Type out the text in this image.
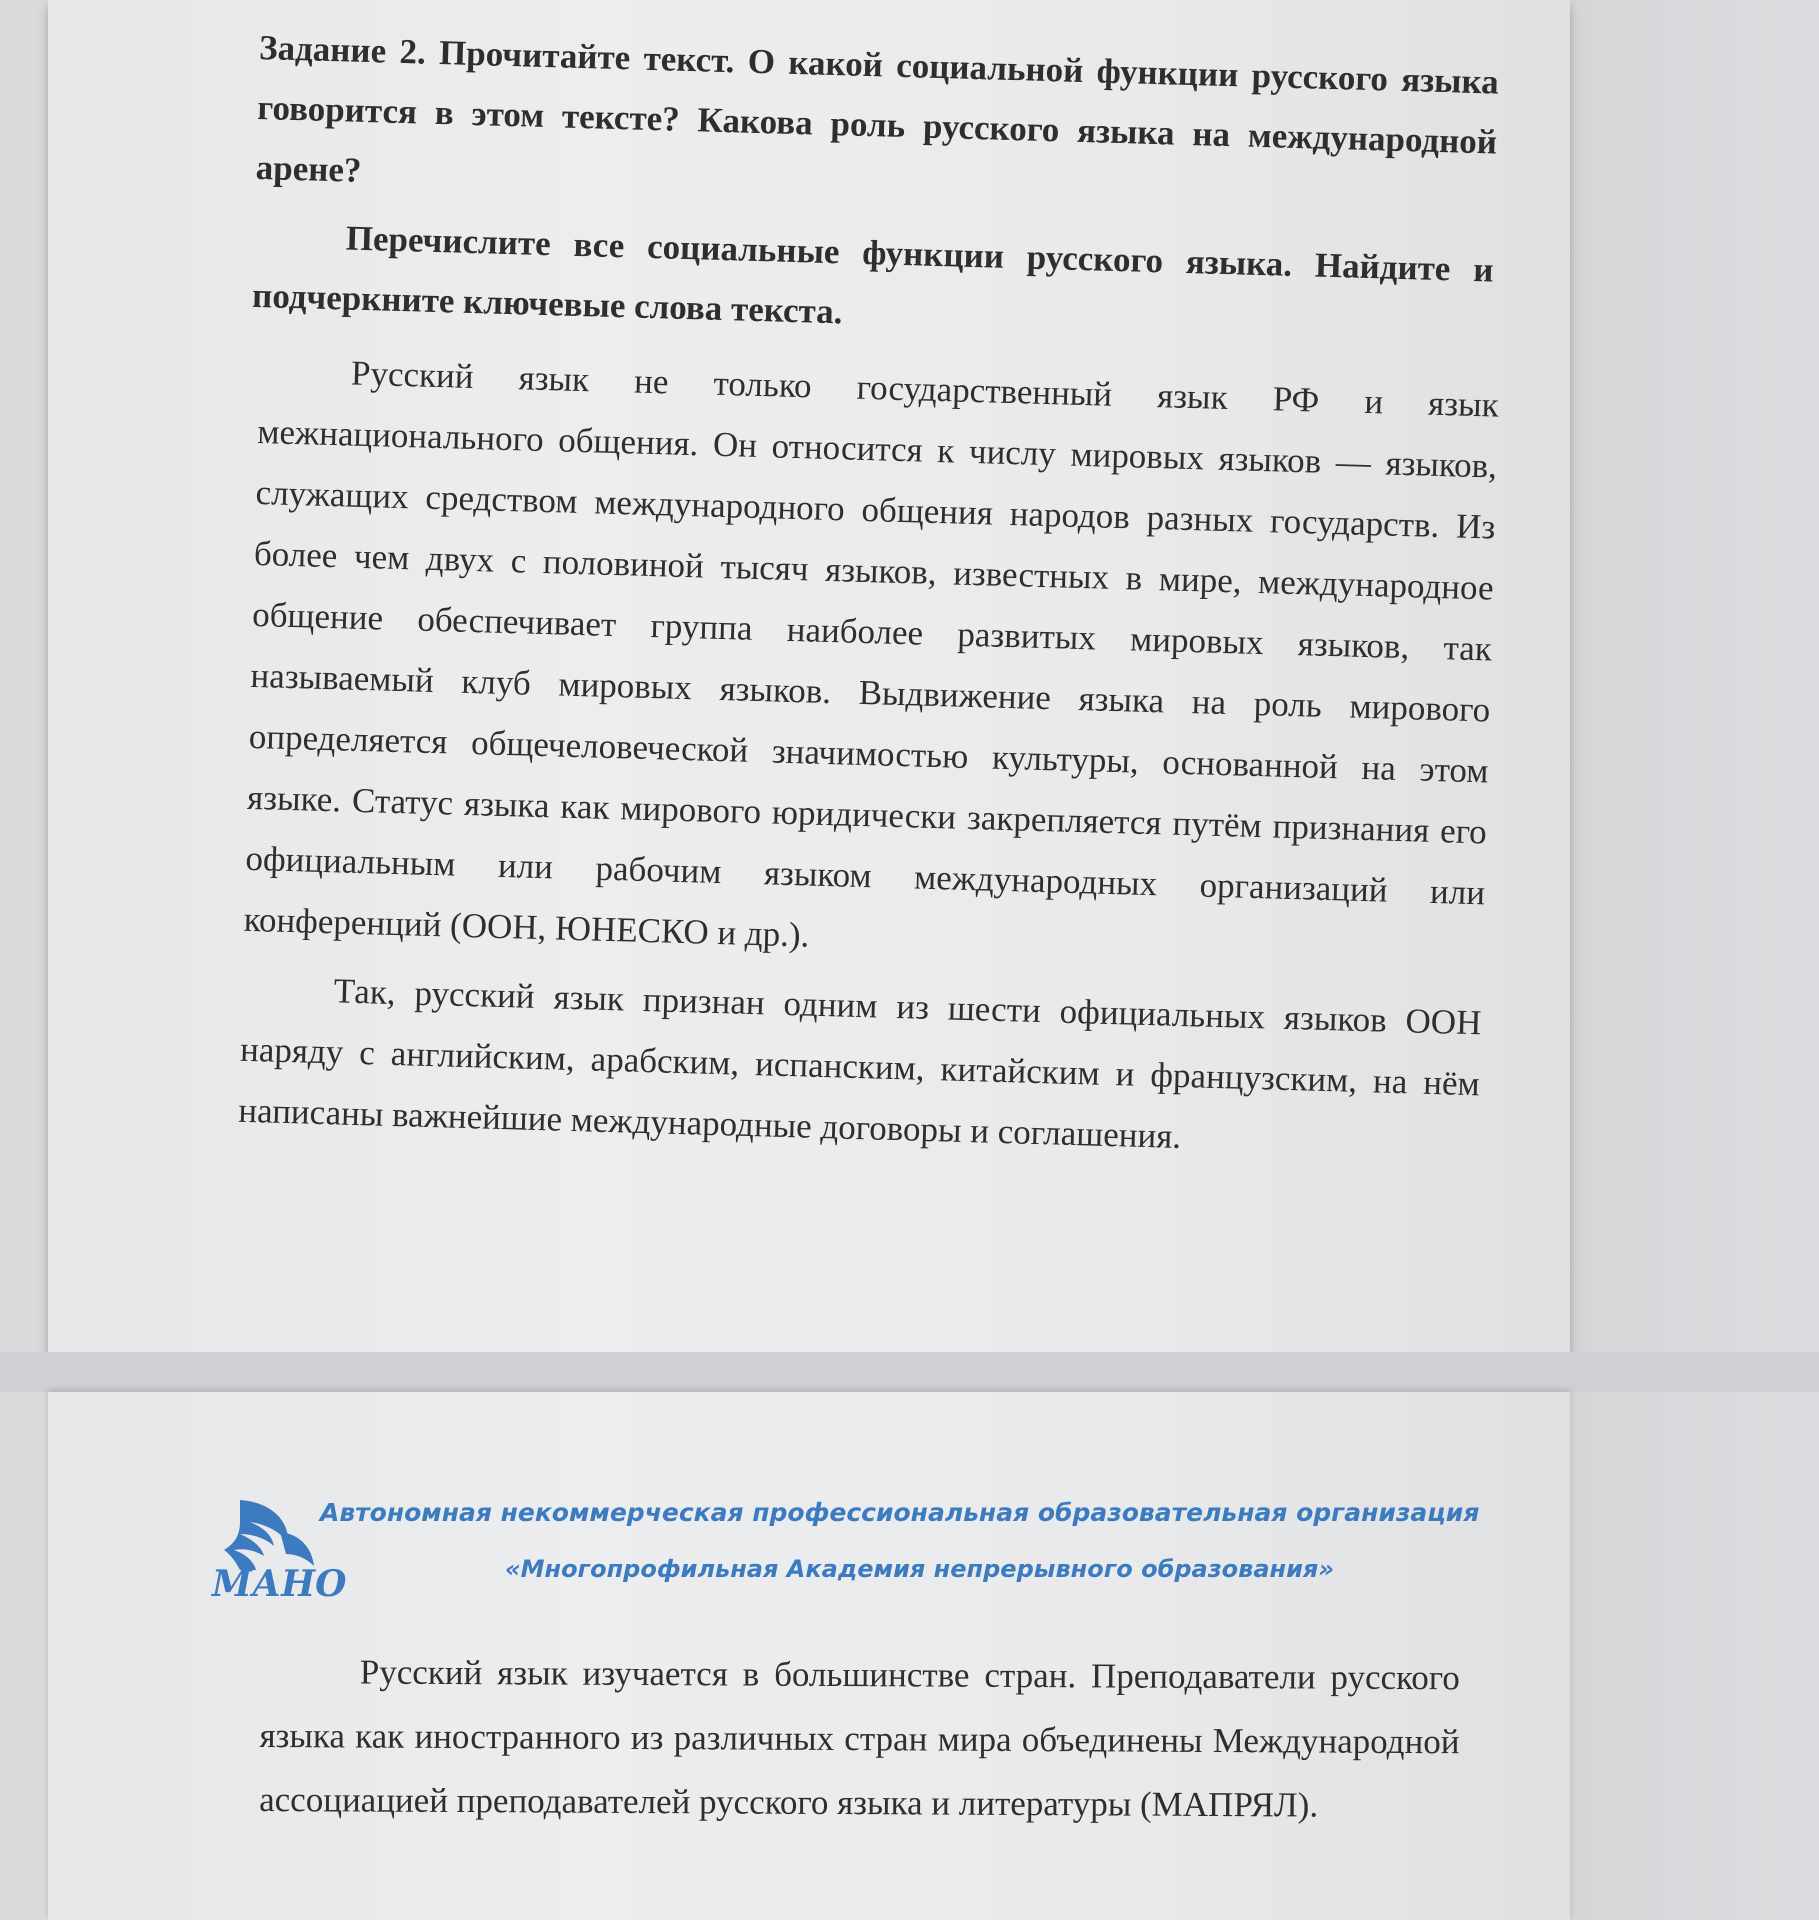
Задание 2. Прочитайте текст. О какой социальной функции русского языка говорится в этом тексте? Какова роль русского языка на международной арене?

Перечислите все социальные функции русского языка. Найдите и подчеркните ключевые слова текста.

Русский язык не только государственный язык РФ и язык межнационального общения. Он относится к числу мировых языков — языков, служащих средством международного общения народов разных государств. Из более чем двух с половиной тысяч языков, известных в мире, международное общение обеспечивает группа наиболее развитых мировых языков, так называемый клуб мировых языков. Выдвижение языка на роль мирового определяется общечеловеческой значимостью культуры, основанной на этом языке. Статус языка как мирового юридически закрепляется путём признания его официальным или рабочим языком международных организаций или конференций (ООН, ЮНЕСКО и др.).

Так, русский язык признан одним из шести официальных языков ООН наряду с английским, арабским, испанским, китайским и французским, на нём написаны важнейшие международные договоры и соглашения.

МАНО
Автономная некоммерческая профессиональная образовательная организация
«Многопрофильная Академия непрерывного образования»

Русский язык изучается в большинстве стран. Преподаватели русского языка как иностранного из различных стран мира объединены Международной ассоциацией преподавателей русского языка и литературы (МАПРЯЛ).
